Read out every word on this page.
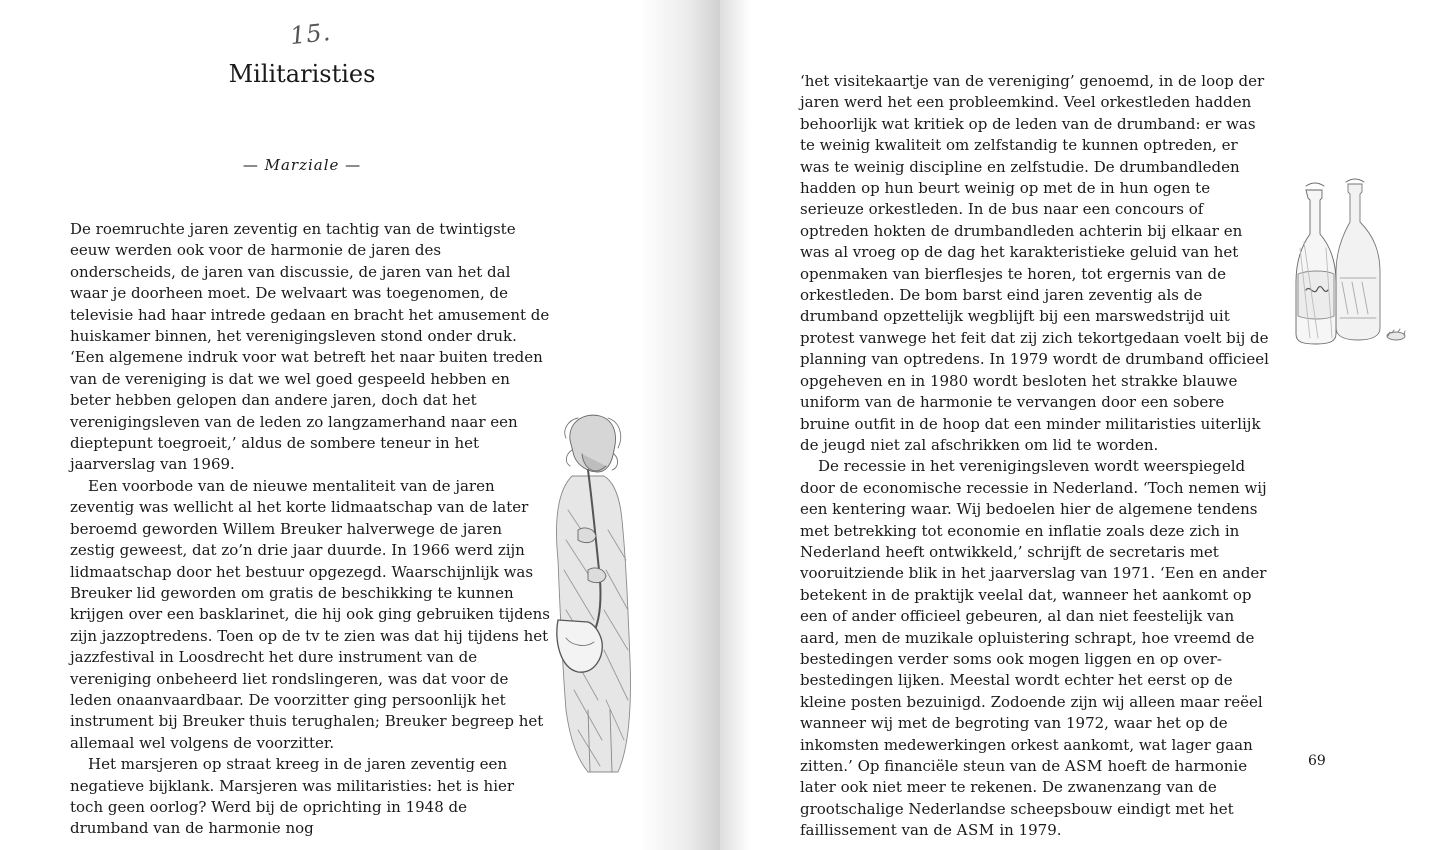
15.
Militaristies
— Marziale —

De roemruchte jaren zeventig en tachtig van de twintigste eeuw werden ook voor de harmonie de jaren des onderscheids, de jaren van discussie, de jaren van het dal waar je doorheen moet. De welvaart was toegenomen, de televisie had haar intrede gedaan en bracht het amusement de huiskamer binnen, het verenigingsleven stond onder druk. ‘Een algemene indruk voor wat betreft het naar buiten treden van de vereniging is dat we wel goed gespeeld hebben en beter hebben gelopen dan andere jaren, doch dat het verenigingsleven van de leden zo langzamerhand naar een dieptepunt toegroeit,’ aldus de sombere teneur in het jaarverslag van 1969.

Een voorbode van de nieuwe mentaliteit van de jaren zeventig was wellicht al het korte lidmaatschap van de later beroemd geworden Willem Breuker halverwege de jaren zestig geweest, dat zo’n drie jaar duurde. In 1966 werd zijn lidmaatschap door het bestuur opgezegd. Waarschijnlijk was Breuker lid geworden om gratis de beschikking te kunnen krijgen over een basklarinet, die hij ook ging gebruiken tijdens zijn jazzoptredens. Toen op de tv te zien was dat hij tijdens het jazzfestival in Loosdrecht het dure instrument van de vereniging onbeheerd liet rondslingeren, was dat voor de leden onaanvaardbaar. De voorzitter ging persoonlijk het instrument bij Breuker thuis terughalen; Breuker begreep het allemaal wel volgens de voorzitter.

Het marsjeren op straat kreeg in de jaren zeventig een negatieve bijklank. Marsjeren was militaristies: het is hier toch geen oorlog? Werd bij de oprichting in 1948 de drumband van de harmonie nog

‘het visitekaartje van de vereniging’ genoemd, in de loop der jaren werd het een probleemkind. Veel orkestleden hadden behoorlijk wat kritiek op de leden van de drumband: er was te weinig kwaliteit om zelfstandig te kunnen optreden, er was te weinig discipline en zelfstudie. De drumbandleden hadden op hun beurt weinig op met de in hun ogen te serieuze orkestleden. In de bus naar een concours of optreden hokten de drumbandleden achterin bij elkaar en was al vroeg op de dag het karakteristieke geluid van het openmaken van bierflesjes te horen, tot ergernis van de orkestleden. De bom barst eind jaren zeventig als de drumband opzettelijk wegblijft bij een marswedstrijd uit protest vanwege het feit dat zij zich tekortgedaan voelt bij de planning van optredens. In 1979 wordt de drumband officieel opgeheven en in 1980 wordt besloten het strakke blauwe uniform van de harmonie te vervangen door een sobere bruine outfit in de hoop dat een minder militaristies uiterlijk de jeugd niet zal afschrikken om lid te worden.

De recessie in het verenigingsleven wordt weerspiegeld door de economische recessie in Nederland. ‘Toch nemen wij een kentering waar. Wij bedoelen hier de algemene tendens met betrekking tot economie en inflatie zoals deze zich in Nederland heeft ontwikkeld,’ schrijft de secretaris met vooruitziende blik in het jaarverslag van 1971. ‘Een en ander betekent in de praktijk veelal dat, wanneer het aankomt op een of ander officieel gebeuren, al dan niet feestelijk van aard, men de muzikale opluistering schrapt, hoe vreemd de bestedingen verder soms ook mogen liggen en op overbestedingen lijken. Meestal wordt echter het eerst op de kleine posten bezuinigd. Zodoende zijn wij alleen maar reëel wanneer wij met de begroting van 1972, waar het op de inkomsten medewerkingen orkest aankomt, wat lager gaan zitten.’ Op financiële steun van de ASM hoeft de harmonie later ook niet meer te rekenen. De zwanenzang van de grootschalige Nederlandse scheepsbouw eindigt met het faillissement van de ASM in 1979.

69
